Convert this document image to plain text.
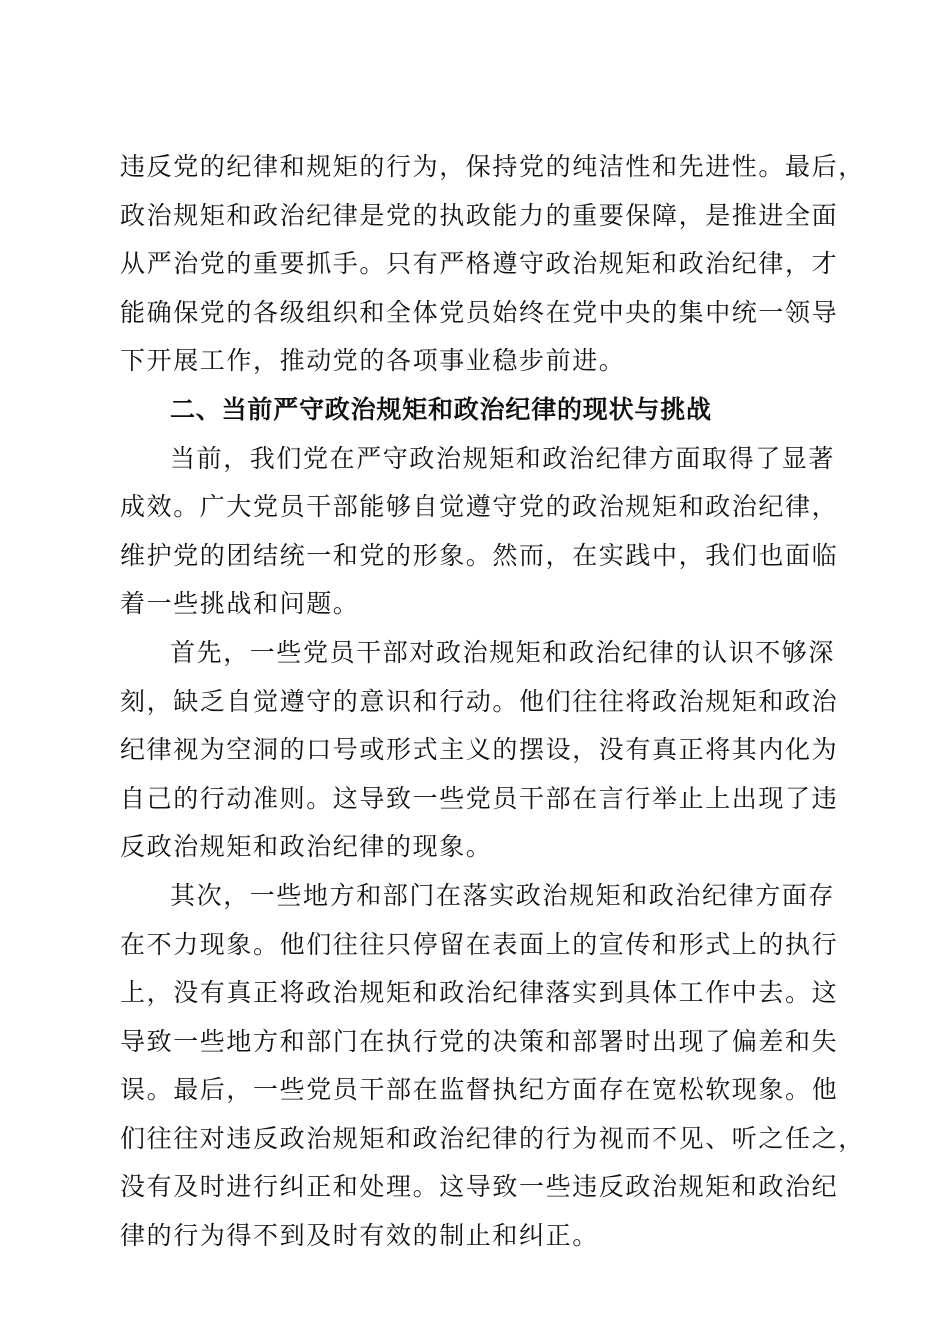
违反党的纪律和规矩的行为，保持党的纯洁性和先进性。最后，
政治规矩和政治纪律是党的执政能力的重要保障，是推进全面
从严治党的重要抓手。只有严格遵守政治规矩和政治纪律，才
能确保党的各级组织和全体党员始终在党中央的集中统一领导
下开展工作，推动党的各项事业稳步前进。
二、当前严守政治规矩和政治纪律的现状与挑战
当前，我们党在严守政治规矩和政治纪律方面取得了显著
成效。广大党员干部能够自觉遵守党的政治规矩和政治纪律，
维护党的团结统一和党的形象。然而，在实践中，我们也面临
着一些挑战和问题。
首先，一些党员干部对政治规矩和政治纪律的认识不够深
刻，缺乏自觉遵守的意识和行动。他们往往将政治规矩和政治
纪律视为空洞的口号或形式主义的摆设，没有真正将其内化为
自己的行动准则。这导致一些党员干部在言行举止上出现了违
反政治规矩和政治纪律的现象。
其次，一些地方和部门在落实政治规矩和政治纪律方面存
在不力现象。他们往往只停留在表面上的宣传和形式上的执行
上，没有真正将政治规矩和政治纪律落实到具体工作中去。这
导致一些地方和部门在执行党的决策和部署时出现了偏差和失
误。最后，一些党员干部在监督执纪方面存在宽松软现象。他
们往往对违反政治规矩和政治纪律的行为视而不见、听之任之，
没有及时进行纠正和处理。这导致一些违反政治规矩和政治纪
律的行为得不到及时有效的制止和纠正。
